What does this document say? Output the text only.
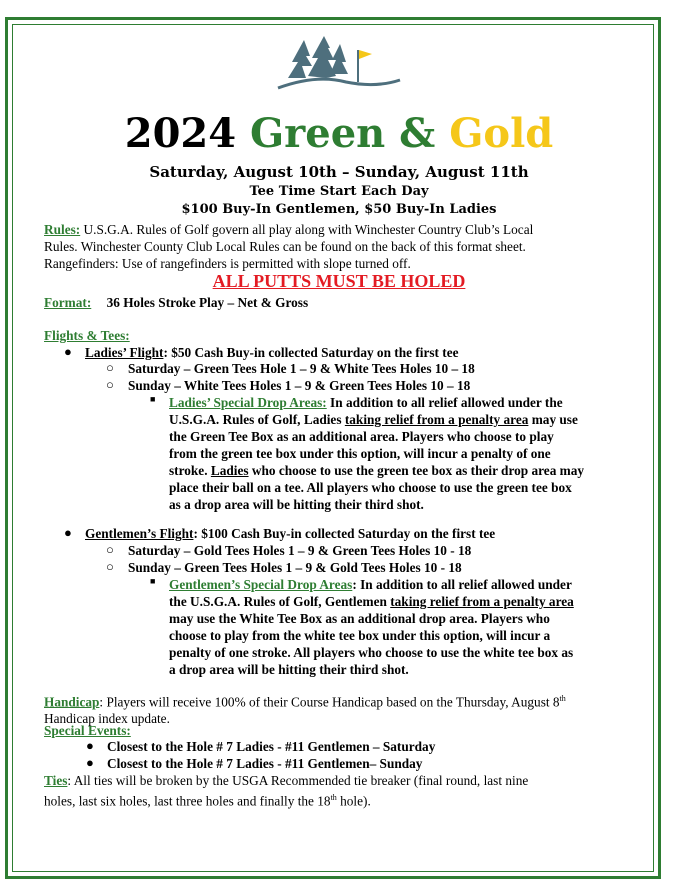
2024 Green & Gold
Saturday, August 10th – Sunday, August 11th
Tee Time Start Each Day
$100 Buy-In Gentlemen, $50 Buy-In Ladies
Rules: U.S.G.A. Rules of Golf govern all play along with Winchester Country Club’s Local
Rules. Winchester County Club Local Rules can be found on the back of this format sheet.
Rangefinders: Use of rangefinders is permitted with slope turned off.
ALL PUTTS MUST BE HOLED
Format: 36 Holes Stroke Play – Net & Gross
Flights & Tees:
● Ladies’ Flight: $50 Cash Buy-in collected Saturday on the first tee
○ Saturday – Green Tees Hole 1 – 9 & White Tees Holes 10 – 18
○ Sunday – White Tees Holes 1 – 9 & Green Tees Holes 10 – 18
■ Ladies’ Special Drop Areas: In addition to all relief allowed under the
U.S.G.A. Rules of Golf, Ladies taking relief from a penalty area may use
the Green Tee Box as an additional area. Players who choose to play
from the green tee box under this option, will incur a penalty of one
stroke. Ladies who choose to use the green tee box as their drop area may
place their ball on a tee. All players who choose to use the green tee box
as a drop area will be hitting their third shot.
● Gentlemen’s Flight: $100 Cash Buy-in collected Saturday on the first tee
○ Saturday – Gold Tees Holes 1 – 9 & Green Tees Holes 10 - 18
○ Sunday – Green Tees Holes 1 – 9 & Gold Tees Holes 10 - 18
■ Gentlemen’s Special Drop Areas: In addition to all relief allowed under
the U.S.G.A. Rules of Golf, Gentlemen taking relief from a penalty area
may use the White Tee Box as an additional drop area. Players who
choose to play from the white tee box under this option, will incur a
penalty of one stroke. All players who choose to use the white tee box as
a drop area will be hitting their third shot.
Handicap: Players will receive 100% of their Course Handicap based on the Thursday, August 8th
Handicap index update.
Special Events:
● Closest to the Hole # 7 Ladies - #11 Gentlemen – Saturday
● Closest to the Hole # 7 Ladies - #11 Gentlemen– Sunday
Ties: All ties will be broken by the USGA Recommended tie breaker (final round, last nine
holes, last six holes, last three holes and finally the 18th hole).
